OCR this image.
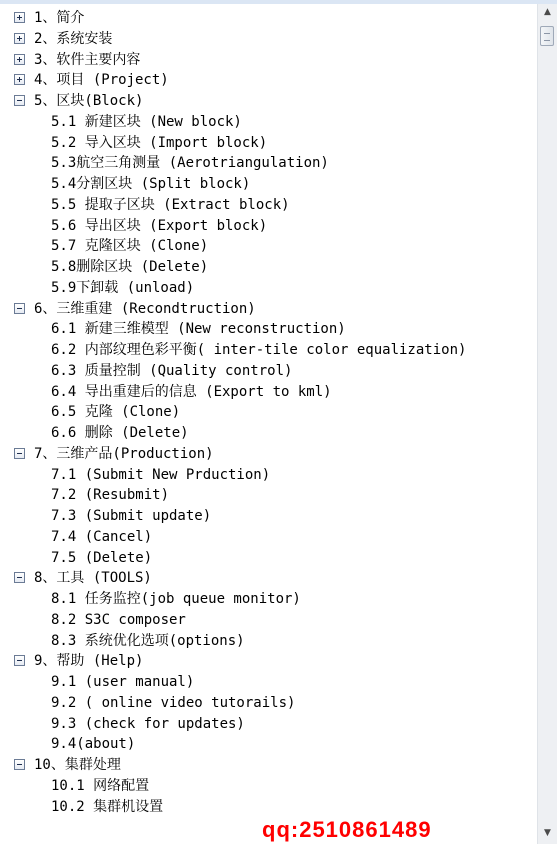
1、简介
2、系统安装
3、软件主要内容
4、项目 (Project)
5、区块(Block)
5.1 新建区块 (New block)
5.2 导入区块 (Import block)
5.3航空三角测量 (Aerotriangulation)
5.4分割区块 (Split block)
5.5 提取子区块 (Extract block)
5.6 导出区块 (Export block)
5.7 克隆区块 (Clone)
5.8删除区块 (Delete)
5.9下卸载 (unload)
6、三维重建 (Recondtruction)
6.1 新建三维模型 (New reconstruction)
6.2 内部纹理色彩平衡( inter-tile color equalization)
6.3 质量控制 (Quality control)
6.4 导出重建后的信息 (Export to kml)
6.5 克隆 (Clone)
6.6 删除 (Delete)
7、三维产品(Production)
7.1 (Submit New Prduction)
7.2 (Resubmit)
7.3 (Submit update)
7.4 (Cancel)
7.5 (Delete)
8、工具 (TOOLS)
8.1 任务监控(job queue monitor)
8.2 S3C composer
8.3 系统优化选项(options)
9、帮助 (Help)
9.1 (user manual)
9.2 ( online video tutorails)
9.3 (check for updates)
9.4(about)
10、集群处理
10.1 网络配置
10.2 集群机设置
qq:2510861489
▲
▼
